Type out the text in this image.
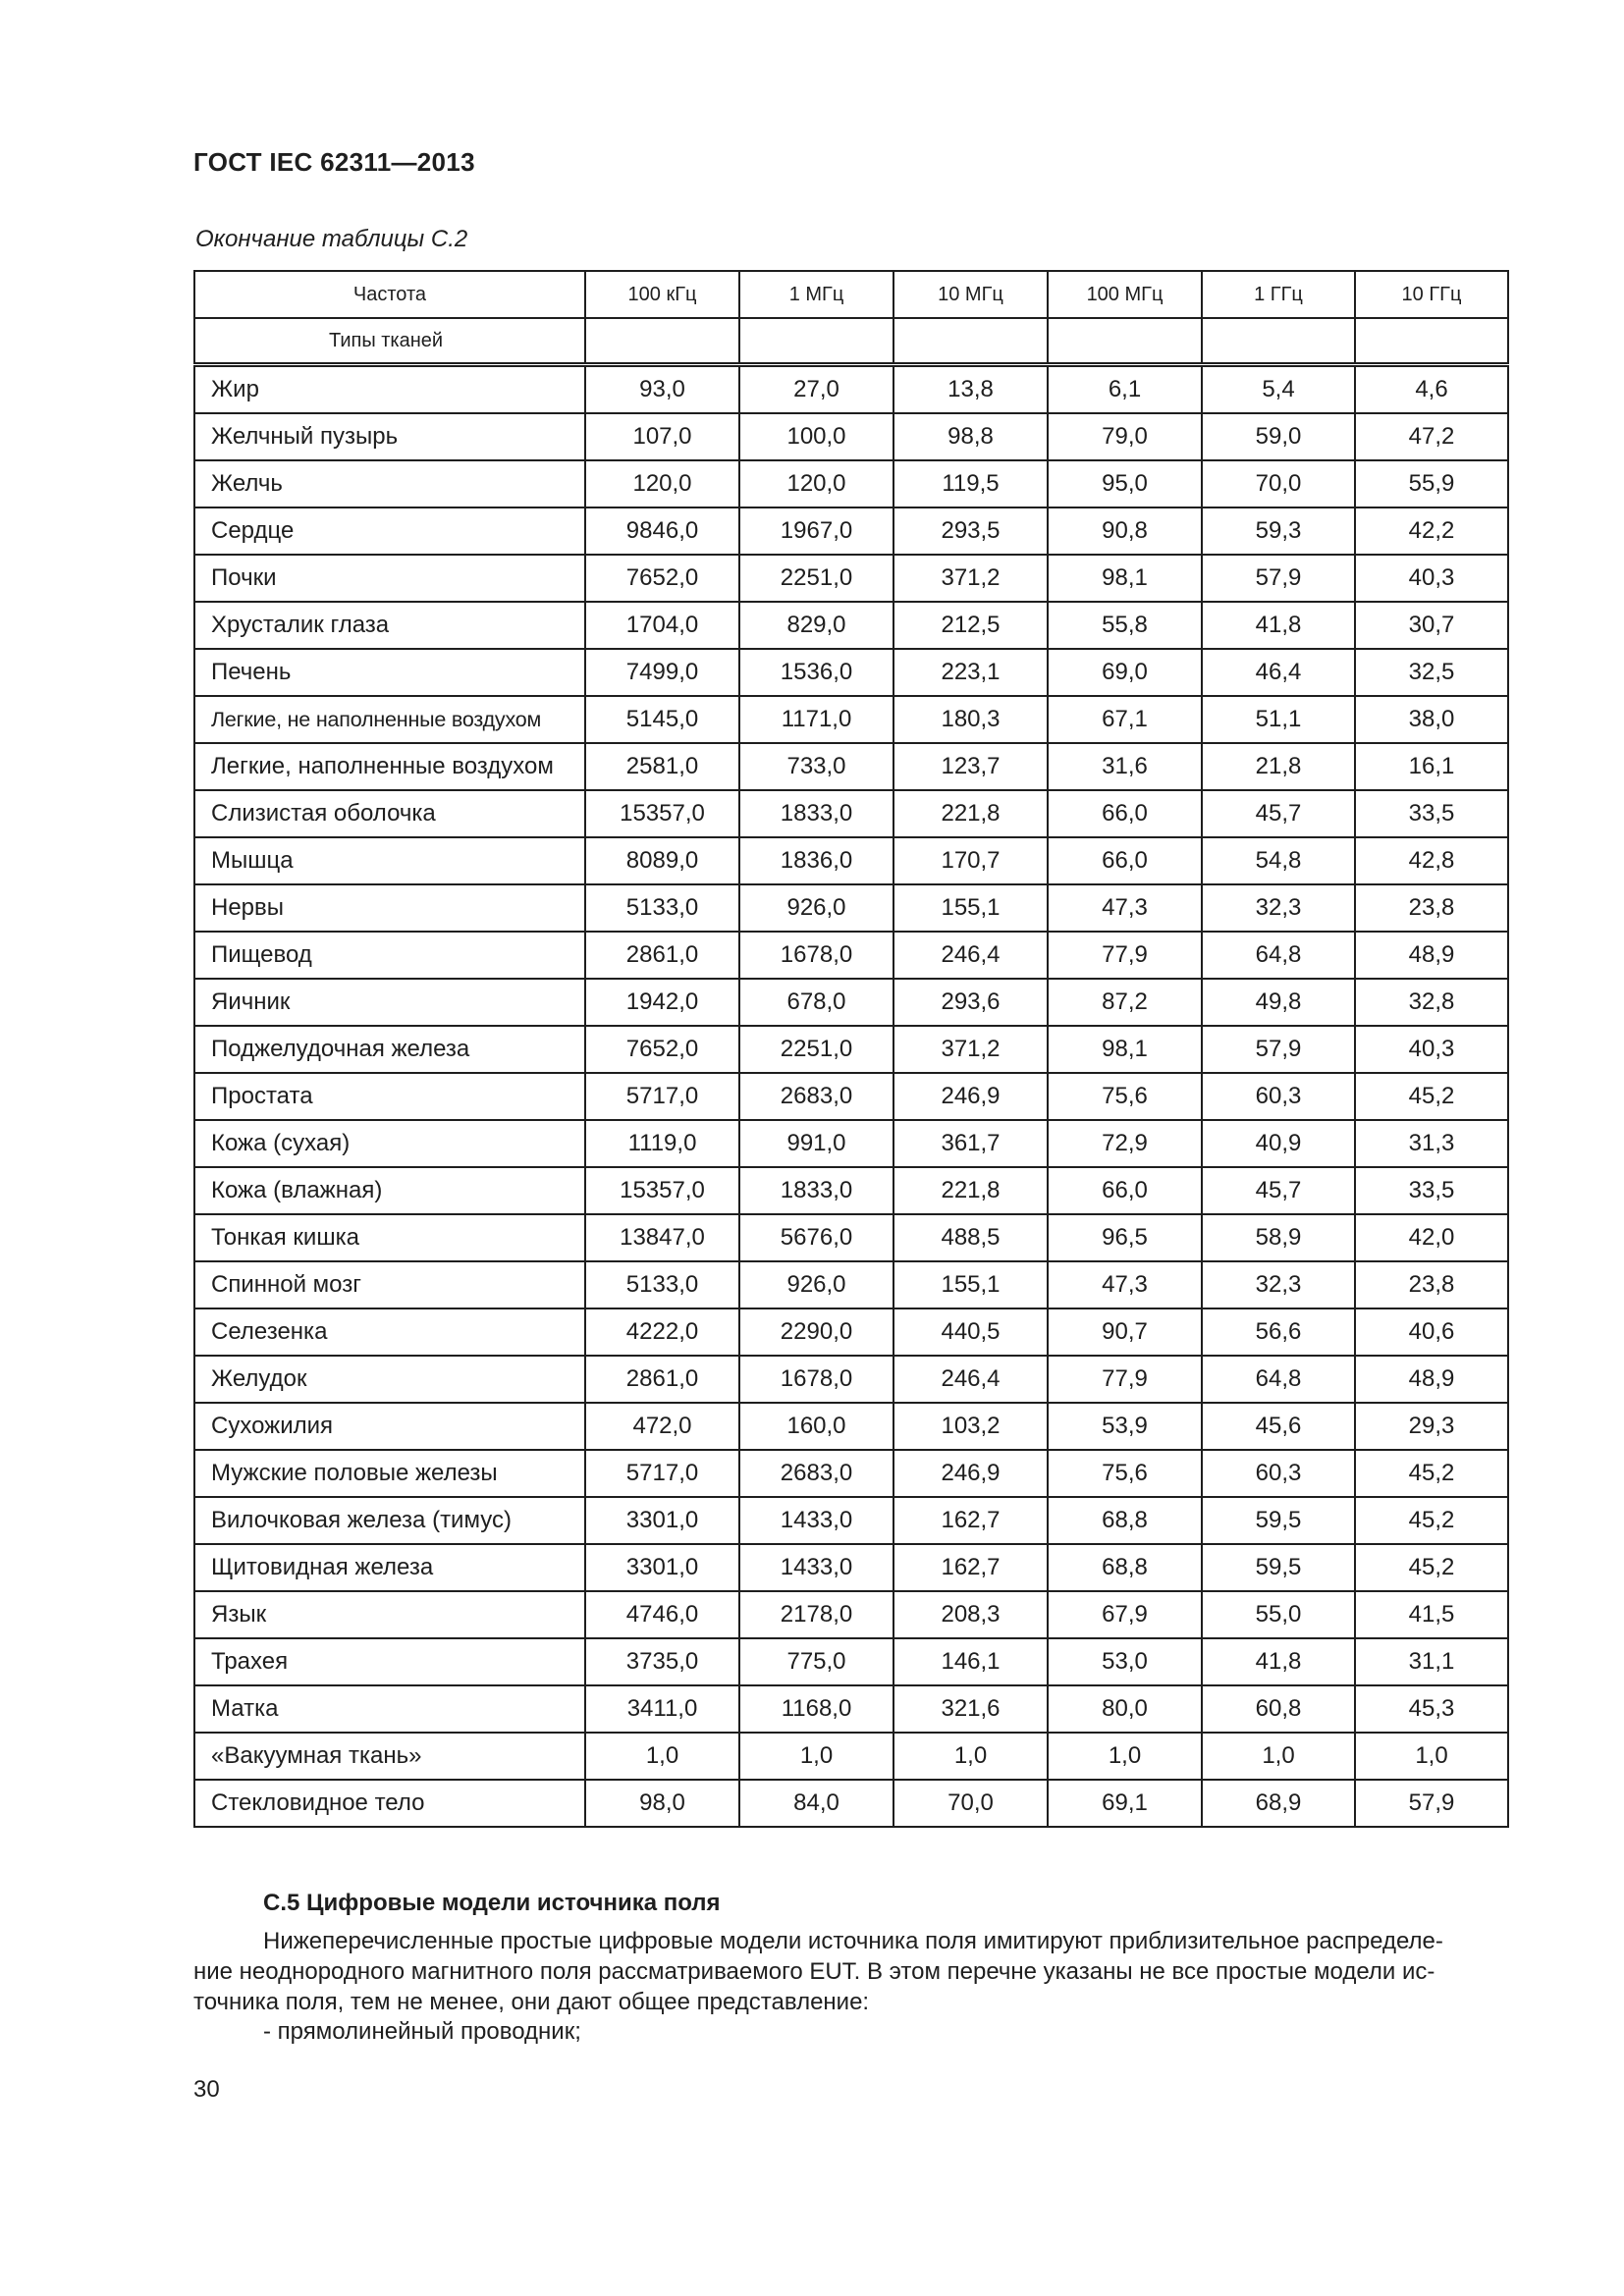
ГОСТ IEC 62311—2013
Окончание таблицы С.2
Частота	100 кГц	1 МГц	10 МГц	100 МГц	1 ГГц	10 ГГц
Типы тканей						
Жир	93,0	27,0	13,8	6,1	5,4	4,6
Желчный пузырь	107,0	100,0	98,8	79,0	59,0	47,2
Желчь	120,0	120,0	119,5	95,0	70,0	55,9
Сердце	9846,0	1967,0	293,5	90,8	59,3	42,2
Почки	7652,0	2251,0	371,2	98,1	57,9	40,3
Хрусталик глаза	1704,0	829,0	212,5	55,8	41,8	30,7
Печень	7499,0	1536,0	223,1	69,0	46,4	32,5
Легкие, не наполненные воздухом	5145,0	1171,0	180,3	67,1	51,1	38,0
Легкие, наполненные воздухом	2581,0	733,0	123,7	31,6	21,8	16,1
Слизистая оболочка	15357,0	1833,0	221,8	66,0	45,7	33,5
Мышца	8089,0	1836,0	170,7	66,0	54,8	42,8
Нервы	5133,0	926,0	155,1	47,3	32,3	23,8
Пищевод	2861,0	1678,0	246,4	77,9	64,8	48,9
Яичник	1942,0	678,0	293,6	87,2	49,8	32,8
Поджелудочная железа	7652,0	2251,0	371,2	98,1	57,9	40,3
Простата	5717,0	2683,0	246,9	75,6	60,3	45,2
Кожа (сухая)	1119,0	991,0	361,7	72,9	40,9	31,3
Кожа (влажная)	15357,0	1833,0	221,8	66,0	45,7	33,5
Тонкая кишка	13847,0	5676,0	488,5	96,5	58,9	42,0
Спинной мозг	5133,0	926,0	155,1	47,3	32,3	23,8
Селезенка	4222,0	2290,0	440,5	90,7	56,6	40,6
Желудок	2861,0	1678,0	246,4	77,9	64,8	48,9
Сухожилия	472,0	160,0	103,2	53,9	45,6	29,3
Мужские половые железы	5717,0	2683,0	246,9	75,6	60,3	45,2
Вилочковая железа (тимус)	3301,0	1433,0	162,7	68,8	59,5	45,2
Щитовидная железа	3301,0	1433,0	162,7	68,8	59,5	45,2
Язык	4746,0	2178,0	208,3	67,9	55,0	41,5
Трахея	3735,0	775,0	146,1	53,0	41,8	31,1
Матка	3411,0	1168,0	321,6	80,0	60,8	45,3
«Вакуумная ткань»	1,0	1,0	1,0	1,0	1,0	1,0
Стекловидное тело	98,0	84,0	70,0	69,1	68,9	57,9
С.5 Цифровые модели источника поля

Нижеперечисленные простые цифровые модели источника поля имитируют приблизительное распределе-

ние неоднородного магнитного поля рассматриваемого EUT. В этом перечне указаны не все простые модели ис-

точника поля, тем не менее, они дают общее представление:

- прямолинейный проводник;
30
